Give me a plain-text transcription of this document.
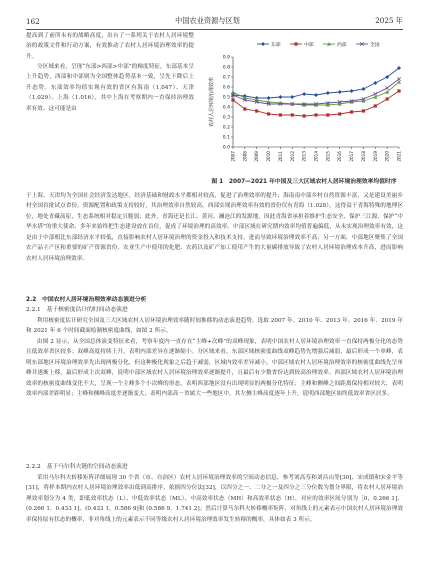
162	中国农业资源与区划	2025 年

提高到了前所未有的战略高度，出台了一系列关于农村人居环境整治的政策文件和行动方案，有效推动了农村人居环境治理效率的提升。

分区域来看，呈现“东部>西部>中部”的梯度特征，东部基本呈上升趋势，西部和中部则为全国整体趋势基本一致，呈先下降后上升态势。东部效率均值实现有效的省区有海南（1.047）、天津（1.029）、上海（1.016），其中上海在考察期内一直保持治理效率有效。这可能是由

0.0
0.1
0.2
0.3
0.4
0.5
0.6
0.7
0.8
0.9
2007 2008 2009 2010 2011 2012 2013 2014 2015 2016 2017 2018 2019 2020 2021
农村人居环境治理效率
东部	中部	西部	全国
图 1　2007—2021 年中国及三大区域农村人居环境治理效率均值时序

于上海、天津均为全国社会经济发达地区，经济基础和财政水平都相对较高，促进了治理效率的提升；海南南中部乡村自然资源丰富，又是建设美丽乡村全国首批试点省份，资源配置和政策支持较好，其治理效率自然较高。西部实现治理效率有效的省份仅有青海（1.028）。这得益于青海特殊的地理区位，地处青藏高原，生态系统相对稳定且脆弱；此外，青海还是长江、黄河、澜沧江的发源地。因此青海省承担着维护生态安全、保护三江源、保护“中华水塔”的重大使命，多年来始终把生态建设放在首位，促成了环境治理的高效率。中部区域在研究期内效率均值普遍偏低，从未实现治理效率有效，这是由于中部相比东部经济水平较低，直接影响农村人居环境治理的资金投入和技术支持，进而导致环境治理效率不高；另一方面，中部地区聚集了全国农产品主产区和重要的矿产资源省份，农业生产中使用的化肥、农药以及矿产加工使用产生的大量碳排放导致了农村人居环境治理成本升高，进而影响农村人居环境治理效率。

2.2　中国农村人居环境治理效率动态演进分析
2.2.1　基于核密度估计的时间动态演进

利用核密度估计研究全国及三大区域农村人居环境治理效率随时间推移的动态演进趋势。选取 2007 年、2010 年、2013 年、2016 年、2019 年和 2021 年 6 个时间截面绘制核密度曲线，如图 2 所示。

由图 2 显示，从全国总体演变特征来看，考察年度内一直存在“主峰+次峰”的双峰现象，表明中国农村人居环境治理效率一直保持两极分化的态势且低效率省区较多；双峰高度持续上升，表明内部差异在逐渐缩小。分区域来看，东部区域核密度曲线双峰趋势先增强后减弱，最后形成一个单峰，表明东部地区环境治理效率先出现两极分化，但这种极化现象之后趋于减弱，区域内效率差异减小。中部区域农村人居环境治理效率的核密度曲线先呈单峰并逐渐上移，最后形成主次双峰，说明中部区域农村人居环境治理效率逐渐提升，且最后有少数省份达到较高治理效率。西部区域农村人居环境治理效率的核密度曲线变化不大，呈现一个主峰多个小次峰的形态，表明西部地区没有出现明显的两极分化特征；主峰和侧峰之间距离保持相对较大，表明效率内部差距明显；主峰和侧峰高度差逐渐变大，表明内部高－省属大一些地区中，其左侧主峰高度逐年上升，说明西部地区始终低效率省区居多。

2.2.2　基于马尔科夫链的空间动态演进

采用马尔科夫转移矩阵详细展现 30 个省（市、自治区）农村人居环境治理效率的空间动态信息，参考刘高寿和刘昌山等[30]、宋成镇和宋金平等[31]，将样本期内农村人居环境治理效率由低到高排序，依据四分位法[32]，以四分之一、二分之一及四分之三分位数为划分界限，将农村人居环境治理效率划分为 4 类，即低效率状态（L）、中低效率状态（ML）、中高效率状态（MH）和高效率状态（H），对应的效率区间分别为［0，0.266 1]、(0.266 1，0.433 1]、(0.433 1，0.586 9]和 (0.586 9，1.741 2]；然后计算马尔科夫转移概率矩阵，对角线上的元素表示中国农村人居环境治理效率保持原有状态的概率，非对角线上的元素表示不同等级农村人居环境治理效率发生转移的概率，具体如表 3 所示。
